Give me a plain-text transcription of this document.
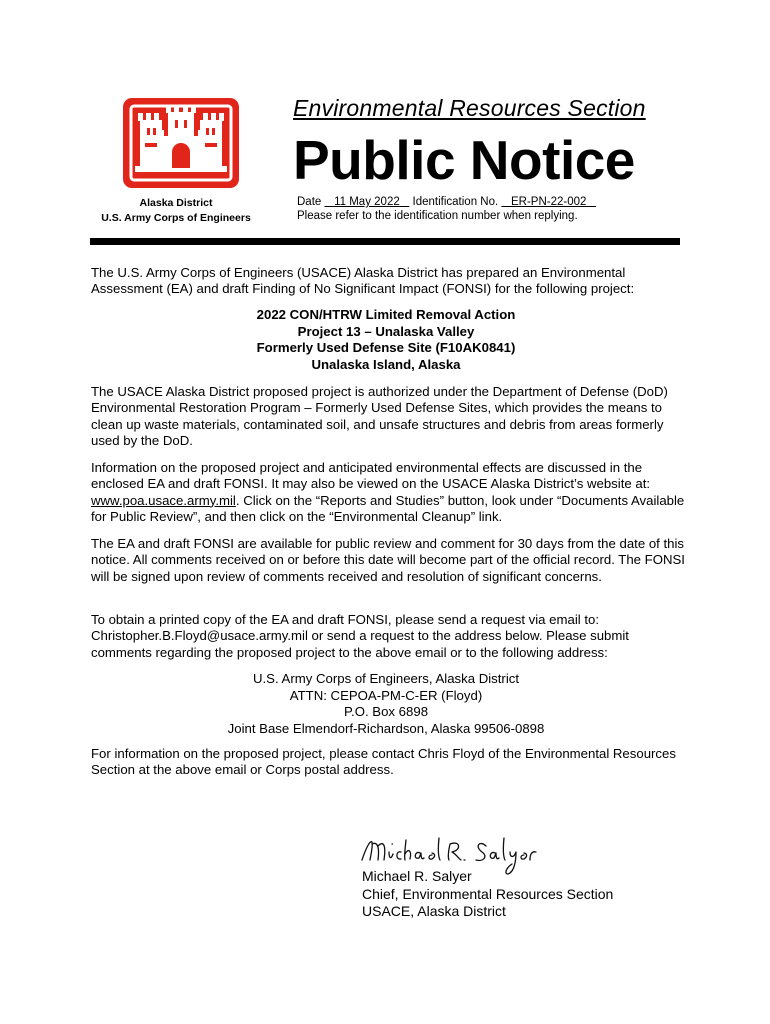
Alaska District
U.S. Army Corps of Engineers
Environmental Resources Section
Public Notice
Date 11 May 2022 Identification No. ER-PN-22-002
Please refer to the identification number when replying.

The U.S. Army Corps of Engineers (USACE) Alaska District has prepared an Environmental Assessment (EA) and draft Finding of No Significant Impact (FONSI) for the following project:

2022 CON/HTRW Limited Removal Action
Project 13 – Unalaska Valley
Formerly Used Defense Site (F10AK0841)
Unalaska Island, Alaska

The USACE Alaska District proposed project is authorized under the Department of Defense (DoD) Environmental Restoration Program – Formerly Used Defense Sites, which provides the means to clean up waste materials, contaminated soil, and unsafe structures and debris from areas formerly used by the DoD.

Information on the proposed project and anticipated environmental effects are discussed in the enclosed EA and draft FONSI. It may also be viewed on the USACE Alaska District’s website at: www.poa.usace.army.mil. Click on the “Reports and Studies” button, look under “Documents Available for Public Review”, and then click on the “Environmental Cleanup” link.

The EA and draft FONSI are available for public review and comment for 30 days from the date of this notice. All comments received on or before this date will become part of the official record. The FONSI will be signed upon review of comments received and resolution of significant concerns.

To obtain a printed copy of the EA and draft FONSI, please send a request via email to: Christopher.B.Floyd@usace.army.mil or send a request to the address below. Please submit comments regarding the proposed project to the above email or to the following address:

U.S. Army Corps of Engineers, Alaska District
ATTN: CEPOA-PM-C-ER (Floyd)
P.O. Box 6898
Joint Base Elmendorf-Richardson, Alaska 99506-0898

For information on the proposed project, please contact Chris Floyd of the Environmental Resources Section at the above email or Corps postal address.

Michael R. Salyer
Chief, Environmental Resources Section
USACE, Alaska District
